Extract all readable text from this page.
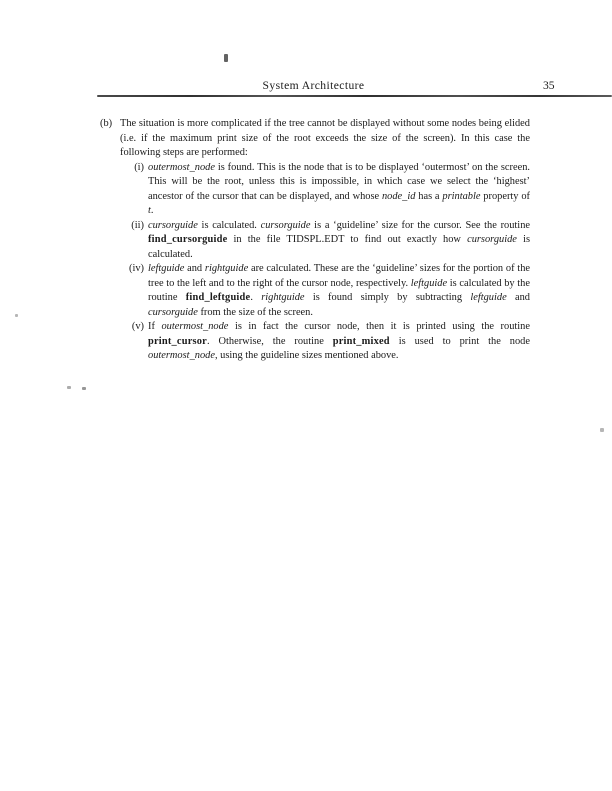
System Architecture	35
(b) The situation is more complicated if the tree cannot be displayed without some nodes being elided (i.e. if the maximum print size of the root exceeds the size of the screen). In this case the following steps are performed:
(i) outermost_node is found. This is the node that is to be displayed ‘outermost’ on the screen. This will be the root, unless this is impossible, in which case we select the ‘highest’ ancestor of the cursor that can be displayed, and whose node_id has a printable property of t.
(ii) cursorguide is calculated. cursorguide is a ‘guideline’ size for the cursor. See the routine find_cursorguide in the file TIDSPL.EDT to find out exactly how cursorguide is calculated.
(iv) leftguide and rightguide are calculated. These are the ‘guideline’ sizes for the portion of the tree to the left and to the right of the cursor node, respectively. leftguide is calculated by the routine find_leftguide. rightguide is found simply by subtracting leftguide and cursorguide from the size of the screen.
(v) If outermost_node is in fact the cursor node, then it is printed using the routine print_cursor. Otherwise, the routine print_mixed is used to print the node outermost_node, using the guideline sizes mentioned above.
